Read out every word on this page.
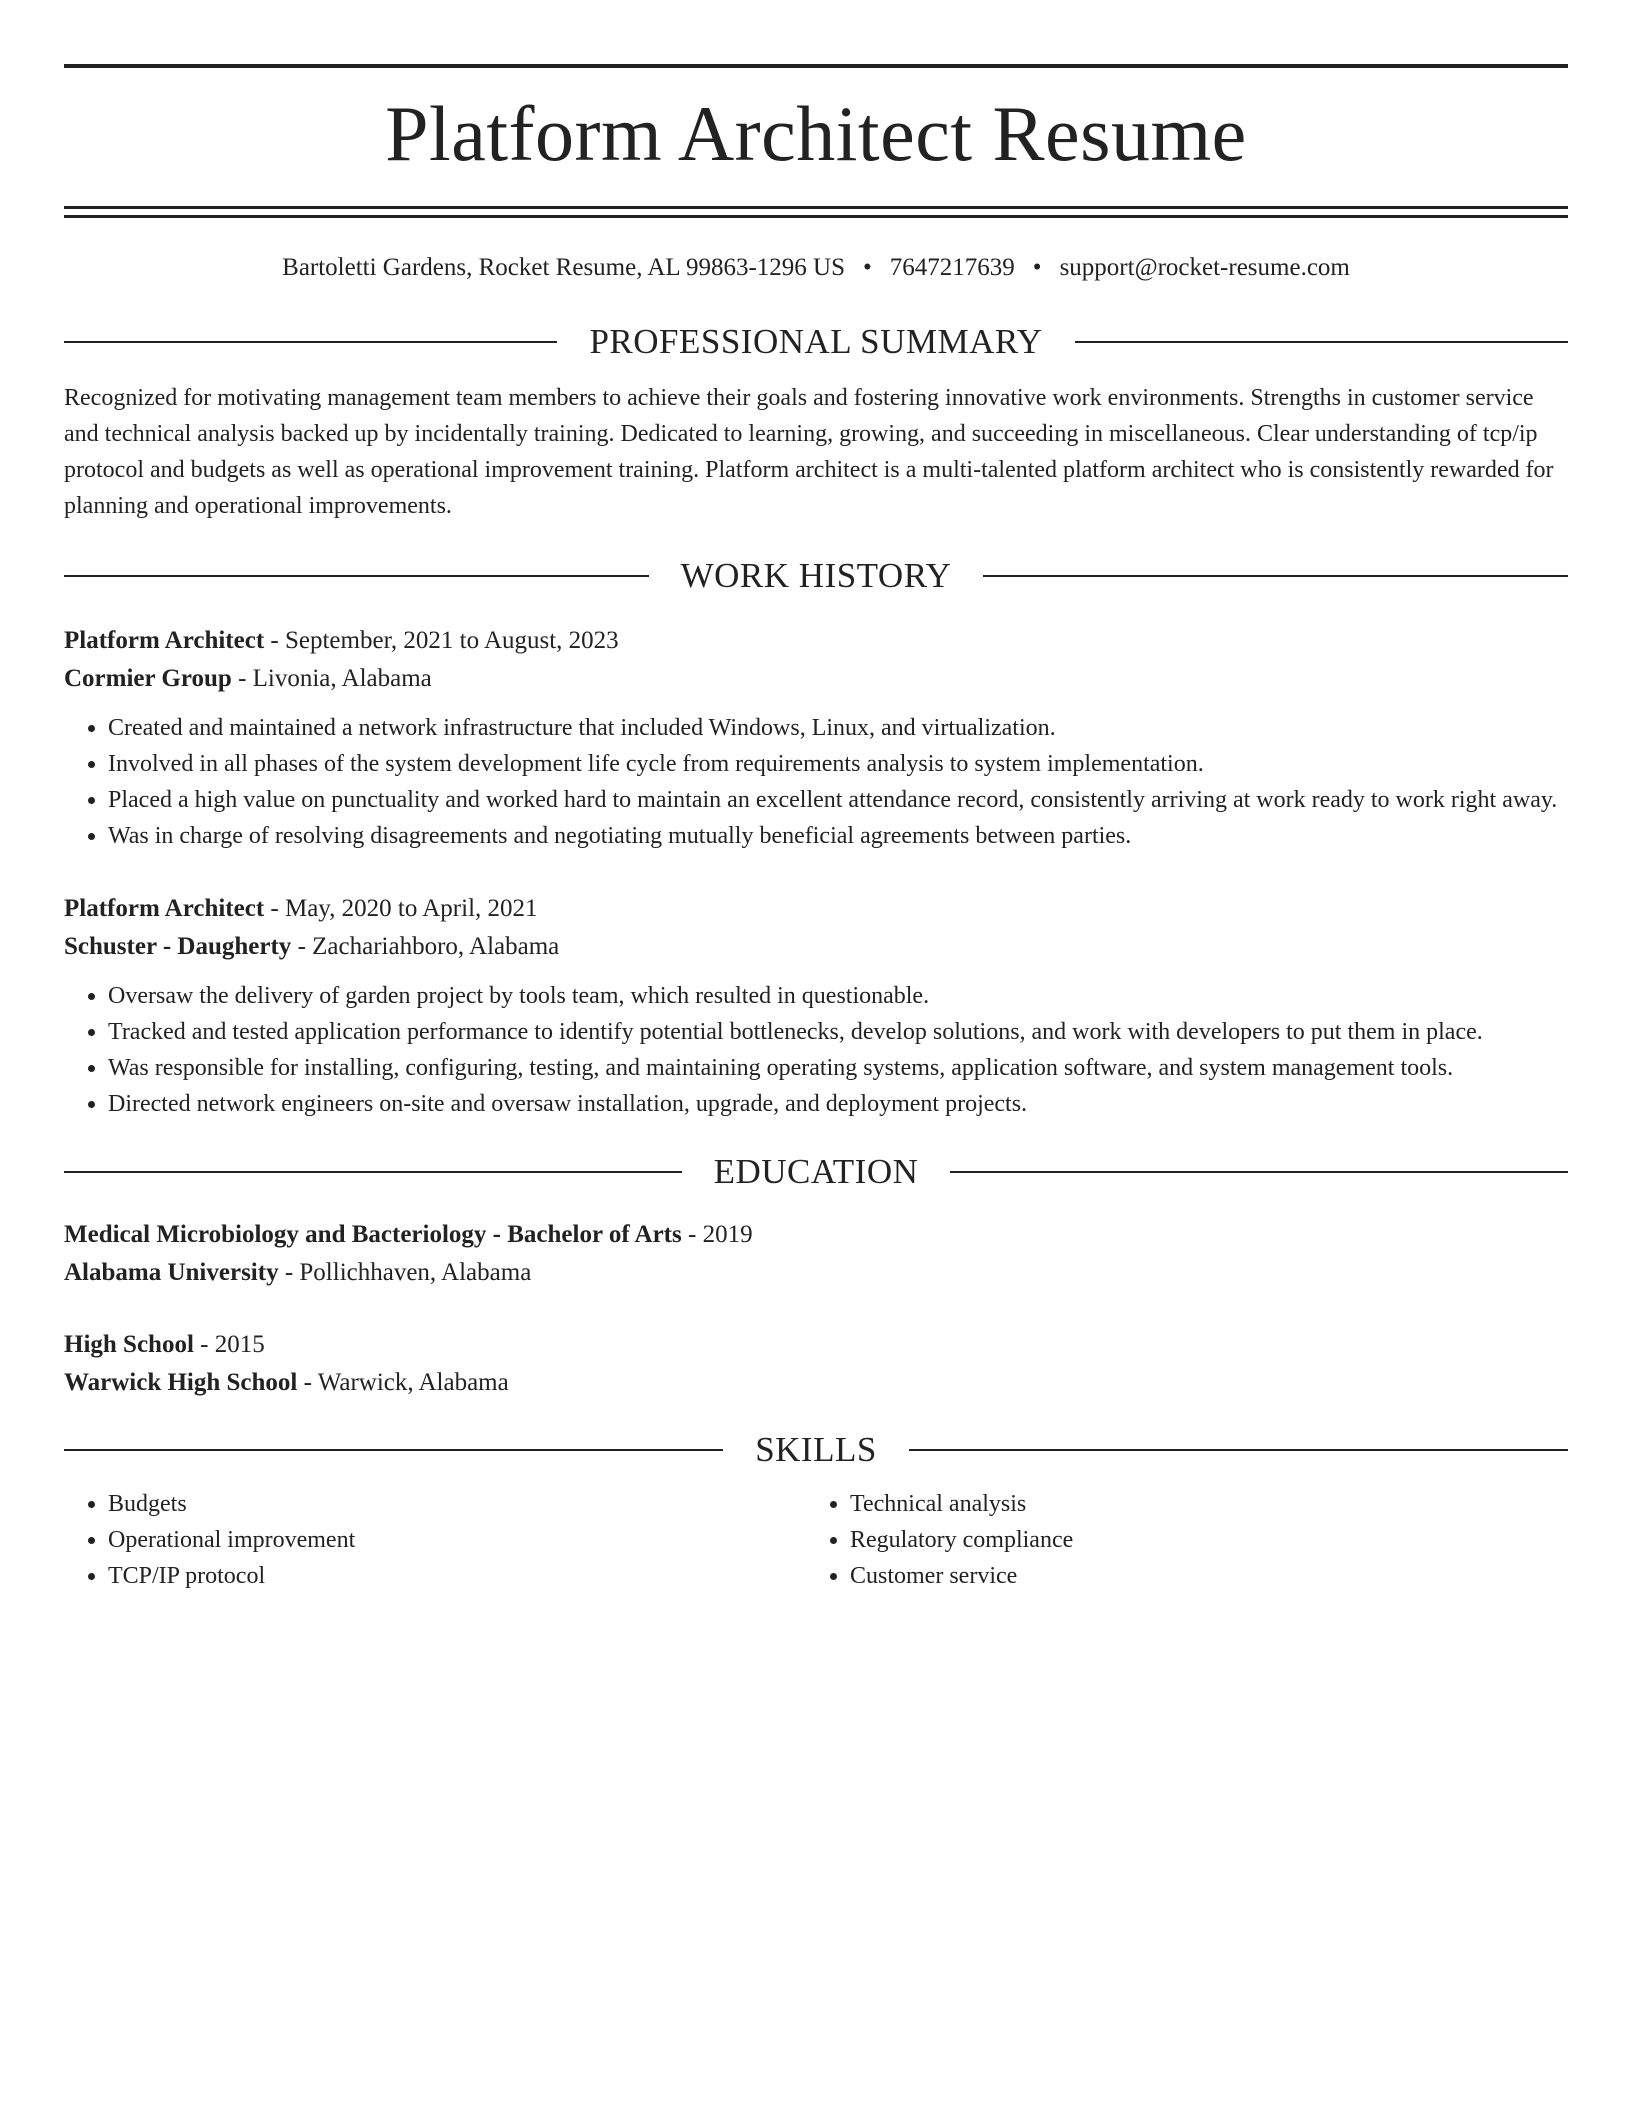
Platform Architect Resume
Bartoletti Gardens, Rocket Resume, AL 99863-1296 US • 7647217639 • support@rocket-resume.com
PROFESSIONAL SUMMARY
Recognized for motivating management team members to achieve their goals and fostering innovative work environments. Strengths in customer service and technical analysis backed up by incidentally training. Dedicated to learning, growing, and succeeding in miscellaneous. Clear understanding of tcp/ip protocol and budgets as well as operational improvement training. Platform architect is a multi-talented platform architect who is consistently rewarded for planning and operational improvements.
WORK HISTORY
Platform Architect - September, 2021 to August, 2023
Cormier Group - Livonia, Alabama
• Created and maintained a network infrastructure that included Windows, Linux, and virtualization.
• Involved in all phases of the system development life cycle from requirements analysis to system implementation.
• Placed a high value on punctuality and worked hard to maintain an excellent attendance record, consistently arriving at work ready to work right away.
• Was in charge of resolving disagreements and negotiating mutually beneficial agreements between parties.
Platform Architect - May, 2020 to April, 2021
Schuster - Daugherty - Zachariahboro, Alabama
• Oversaw the delivery of garden project by tools team, which resulted in questionable.
• Tracked and tested application performance to identify potential bottlenecks, develop solutions, and work with developers to put them in place.
• Was responsible for installing, configuring, testing, and maintaining operating systems, application software, and system management tools.
• Directed network engineers on-site and oversaw installation, upgrade, and deployment projects.
EDUCATION
Medical Microbiology and Bacteriology - Bachelor of Arts - 2019
Alabama University - Pollichhaven, Alabama
High School - 2015
Warwick High School - Warwick, Alabama
SKILLS
• Budgets
• Operational improvement
• TCP/IP protocol
• Technical analysis
• Regulatory compliance
• Customer service
